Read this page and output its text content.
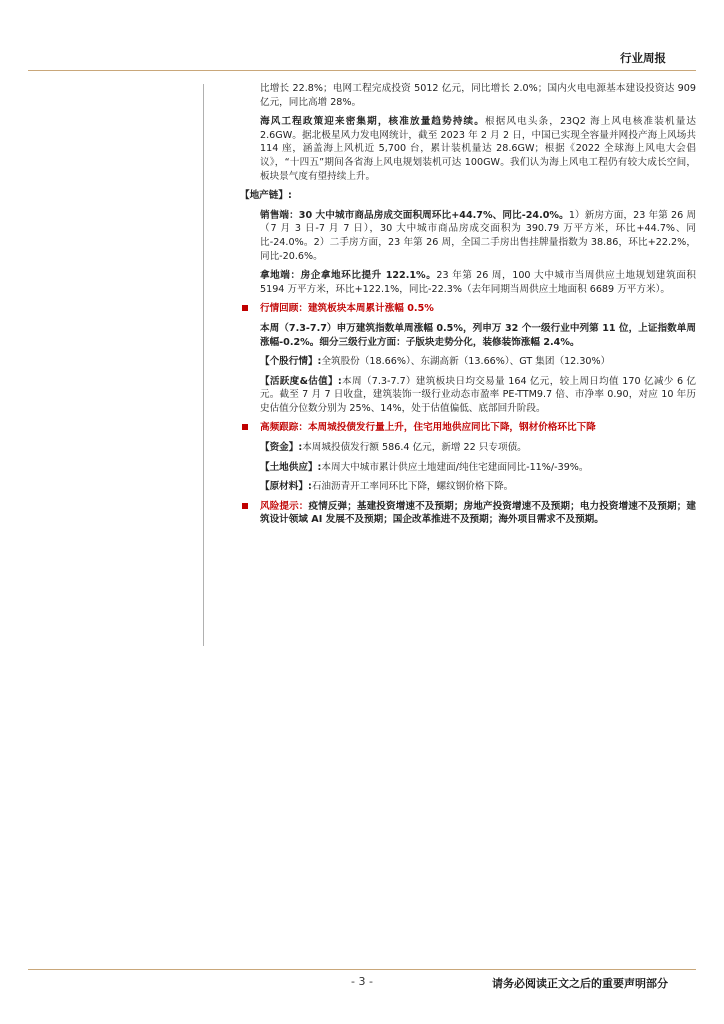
行业周报
比增长 22.8%；电网工程完成投资 5012 亿元，同比增长 2.0%；国内火电电源基本建设投资达 909 亿元，同比高增 28%。
海风工程政策迎来密集期，核准放量趋势持续。根据风电头条，23Q2 海上风电核准装机量达 2.6GW。据北极星风力发电网统计，截至 2023 年 2 月 2 日，中国已实现全容量并网投产海上风场共 114 座，涵盖海上风机近 5,700 台，累计装机量达 28.6GW；根据《2022 全球海上风电大会倡议》，“十四五”期间各省海上风电规划装机可达 100GW。我们认为海上风电工程仍有较大成长空间，板块景气度有望持续上升。
【地产链】:
销售端：30 大中城市商品房成交面积周环比+44.7%、同比-24.0%。1）新房方面，23 年第 26 周（7 月 3 日-7 月 7 日），30 大中城市商品房成交面积为 390.79 万平方米，环比+44.7%、同比-24.0%。2）二手房方面，23 年第 26 周，全国二手房出售挂牌量指数为 38.86，环比+22.2%，同比-20.6%。
拿地端：房企拿地环比提升 122.1%。23 年第 26 周，100 大中城市当周供应土地规划建筑面积 5194 万平方米，环比+122.1%，同比-22.3%（去年同期当周供应土地面积 6689 万平方米）。
行情回顾：建筑板块本周累计涨幅 0.5%
本周（7.3-7.7）申万建筑指数单周涨幅 0.5%，列申万 32 个一级行业中列第 11 位，上证指数单周涨幅-0.2%。细分三级行业方面：子版块走势分化，装修装饰涨幅 2.4%。
【个股行情】:全筑股份（18.66%）、东湖高新（13.66%）、GT 集团（12.30%）
【活跃度&估值】:本周（7.3-7.7）建筑板块日均交易量 164 亿元，较上周日均值 170 亿减少 6 亿元。截至 7 月 7 日收盘，建筑装饰一级行业动态市盈率 PE-TTM9.7 倍、市净率 0.90，对应 10 年历史估值分位数分别为 25%、14%，处于估值偏低、底部回升阶段。
高频跟踪：本周城投债发行量上升，住宅用地供应同比下降，钢材价格环比下降
【资金】:本周城投债发行额 586.4 亿元，新增 22 只专项债。
【土地供应】:本周大中城市累计供应土地建面/纯住宅建面同比-11%/-39%。
【原材料】:石油沥青开工率同环比下降，螺纹钢价格下降。
风险提示：疫情反弹；基建投资增速不及预期；房地产投资增速不及预期；电力投资增速不及预期；建筑设计领域 AI 发展不及预期；国企改革推进不及预期；海外项目需求不及预期。
- 3 -	请务必阅读正文之后的重要声明部分
